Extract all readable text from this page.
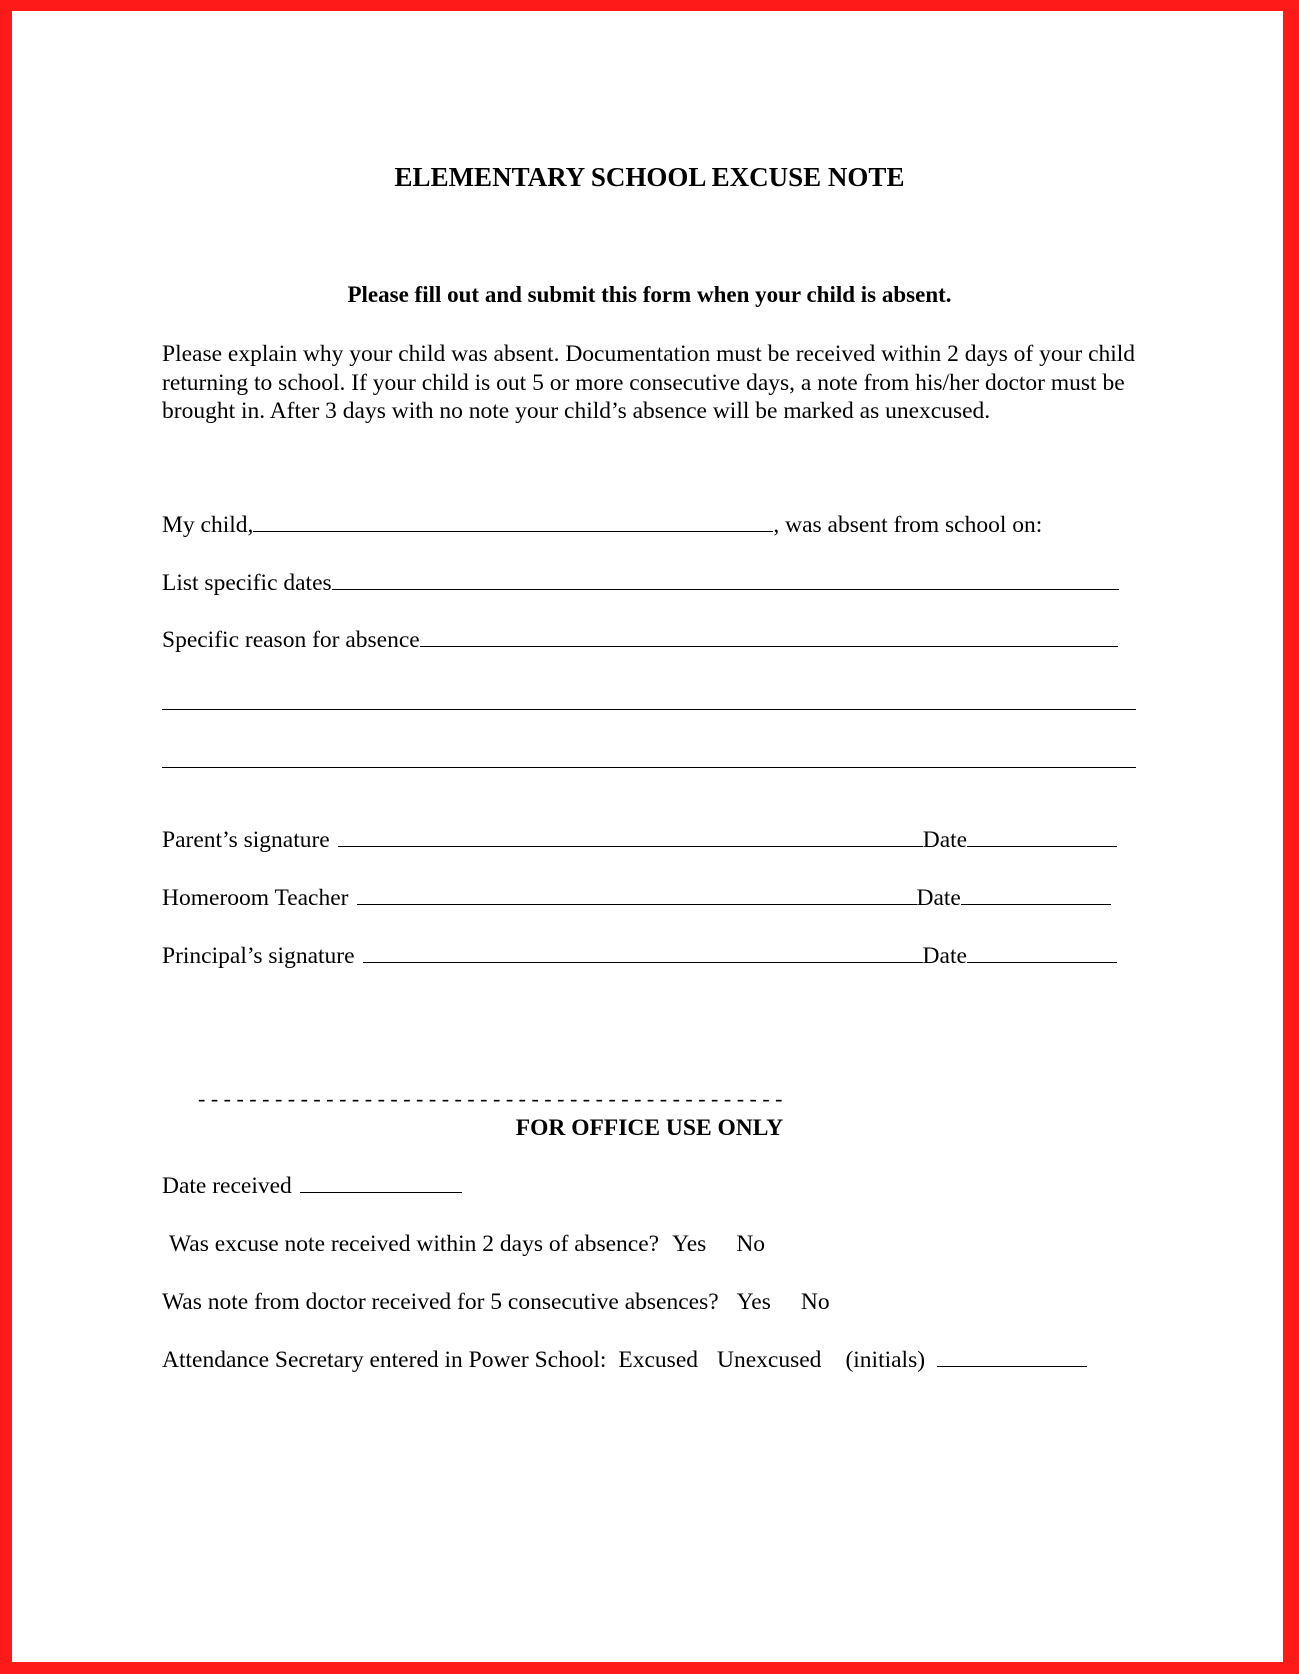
ELEMENTARY SCHOOL EXCUSE NOTE
Please fill out and submit this form when your child is absent.
Please explain why your child was absent. Documentation must be received within 2 days of your child returning to school. If your child is out 5 or more consecutive days, a note from his/her doctor must be brought in. After 3 days with no note your child’s absence will be marked as unexcused.
My child,	, was absent from school on:
List specific dates
Specific reason for absence
Parent’s signature	Date
Homeroom Teacher	Date
Principal’s signature	Date
- - - - - - - - - - - - - - - - - - - - - - - - - - - - - - - - - - - - - - - - - - - - - -
FOR OFFICE USE ONLY
Date received
Was excuse note received within 2 days of absence? Yes No
Was note from doctor received for 5 consecutive absences? Yes No
Attendance Secretary entered in Power School: Excused Unexcused (initials)
